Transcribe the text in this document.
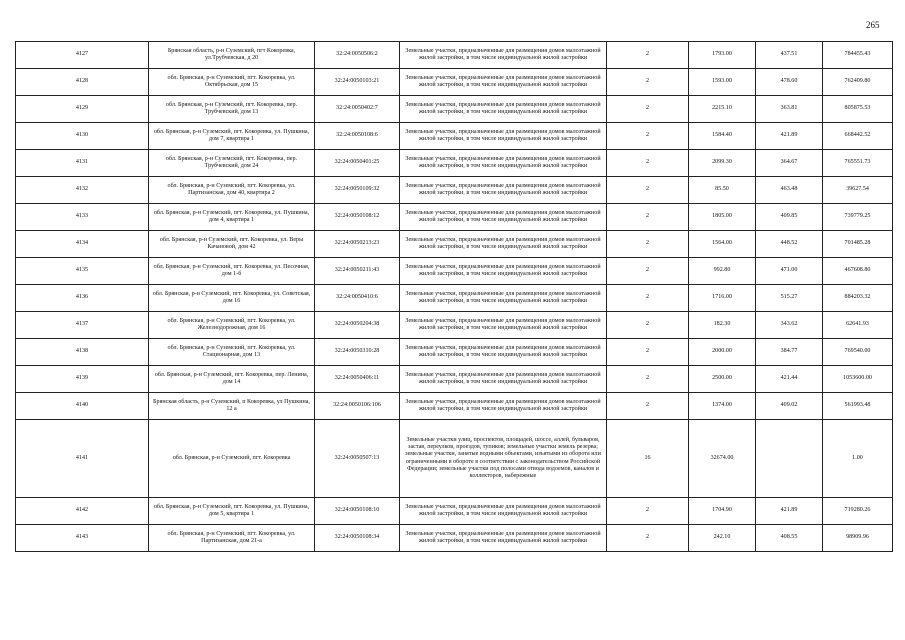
265
4127	Брянская область, р-н Суземский, пгт Кокоревка, ул.Трубчевская, д 20	32:24:0050506:2	Земельные участки, предназначенные для размещения домов малоэтажной жилой застройки, в том числе индивидуальной жилой застройки	2	1793.00	437.51	784455.43
4128	обл. Брянская, р-н Суземский, пгт. Кокоревка, ул. Октябрьская, дом 15	32:24:0050103:21	Земельные участки, предназначенные для размещения домов малоэтажной жилой застройки, в том числе индивидуальной жилой застройки	2	1593.00	478.60	762409.80
4129	обл. Брянская, р-н Суземский, пгт. Кокоревка, пер. Трубчевский, дом 13	32:24:0050402:7	Земельные участки, предназначенные для размещения домов малоэтажной жилой застройки, в том числе индивидуальной жилой застройки	2	2215.10	363.81	805875.53
4130	обл. Брянская, р-н Суземский, пгт. Кокоревка, ул. Пушкина, дом 7, квартира 1	32:24:0050108:6	Земельные участки, предназначенные для размещения домов малоэтажной жилой застройки, в том числе индивидуальной жилой застройки	2	1584.40	421.89	668442.52
4131	обл. Брянская, р-н Суземский, пгт. Кокоревка, пер. Трубчевский, дом 24	32:24:0050401:25	Земельные участки, предназначенные для размещения домов малоэтажной жилой застройки, в том числе индивидуальной жилой застройки	2	2099.30	364.67	765551.73
4132	обл. Брянская, р-н Суземский, пгт. Кокоревка, ул. Партизанская, дом 40, квартира 2	32:24:0050109:32	Земельные участки, предназначенные для размещения домов малоэтажной жилой застройки, в том числе индивидуальной жилой застройки	2	85.50	463.48	39627.54
4133	обл. Брянская, р-н Суземский, пгт. Кокоревка, ул. Пушкина, дом 4, квартира 1	32:24:0050108:12	Земельные участки, предназначенные для размещения домов малоэтажной жилой застройки, в том числе индивидуальной жилой застройки	2	1805.00	409.85	739779.25
4134	обл. Брянская, р-н Суземский, пгт. Кокоревка, ул. Веры Качановой, дом 42	32:24:0050213:23	Земельные участки, предназначенные для размещения домов малоэтажной жилой застройки, в том числе индивидуальной жилой застройки	2	1564.00	448.52	701485.28
4135	обл. Брянская, р-н Суземский, пгт. Кокоревка, ул. Песочная, дом 1-б	32:24:0050211:43	Земельные участки, предназначенные для размещения домов малоэтажной жилой застройки, в том числе индивидуальной жилой застройки	2	992.80	471.00	467608.80
4136	обл. Брянская, р-н Суземский, пгт. Кокоревка, ул. Советская, дом 16	32:24:0050410:6	Земельные участки, предназначенные для размещения домов малоэтажной жилой застройки, в том числе индивидуальной жилой застройки	2	1716.00	515.27	884203.32
4137	обл. Брянская, р-н Суземский, пгт. Кокоревка, ул. Железнодорожная, дом 16	32:24:0050204:38	Земельные участки, предназначенные для размещения домов малоэтажной жилой застройки, в том числе индивидуальной жилой застройки	2	182.30	343.62	62641.93
4138	обл. Брянская, р-н Суземский, пгт. Кокоревка, ул. Стационарная, дом 13	32:24:0050310:28	Земельные участки, предназначенные для размещения домов малоэтажной жилой застройки, в том числе индивидуальной жилой застройки	2	2000.00	384.77	769540.00
4139	обл. Брянская, р-н Суземский, пгт. Кокоревка, пер. Ленина, дом 14	32:24:0050406:11	Земельные участки, предназначенные для размещения домов малоэтажной жилой застройки, в том числе индивидуальной жилой застройки	2	2500.00	421.44	1053600.00
4140	Брянская область, р-н Суземский, п Кокоревка, ул Пушкина, 12 а	32:24:0050106:106	Земельные участки, предназначенные для размещения домов малоэтажной жилой застройки, в том числе индивидуальной жилой застройки	2	1374.00	409.02	561993.48
4141	обл. Брянская, р-н Суземский, пгт. Кокоревка	32:24:0050507:13	Земельные участки улиц, проспектов, площадей, шоссе, аллей, бульваров, застав, переулков, проездов, тупиков; земельные участки земель резерва; земельные участки, занятые водными объектами, изъятыми из оборота или ограниченными в обороте в соответствии с законодательством Российской Федерации; земельные участки под полосами отвода водоемов, каналов и коллекторов, набережные	16	32674.00		1.00
4142	обл. Брянская, р-н Суземский, пгт. Кокоревка, ул. Пушкина, дом 5, квартира 1	32:24:0050108:10	Земельные участки, предназначенные для размещения домов малоэтажной жилой застройки, в том числе индивидуальной жилой застройки	2	1704.90	421.89	719280.26
4143	обл. Брянская, р-н Суземский, пгт. Кокоревка, ул. Партизанская, дом 21-а	32:24:0050108:34	Земельные участки, предназначенные для размещения домов малоэтажной жилой застройки, в том числе индивидуальной жилой застройки	2	242.10	408.55	98909.96
